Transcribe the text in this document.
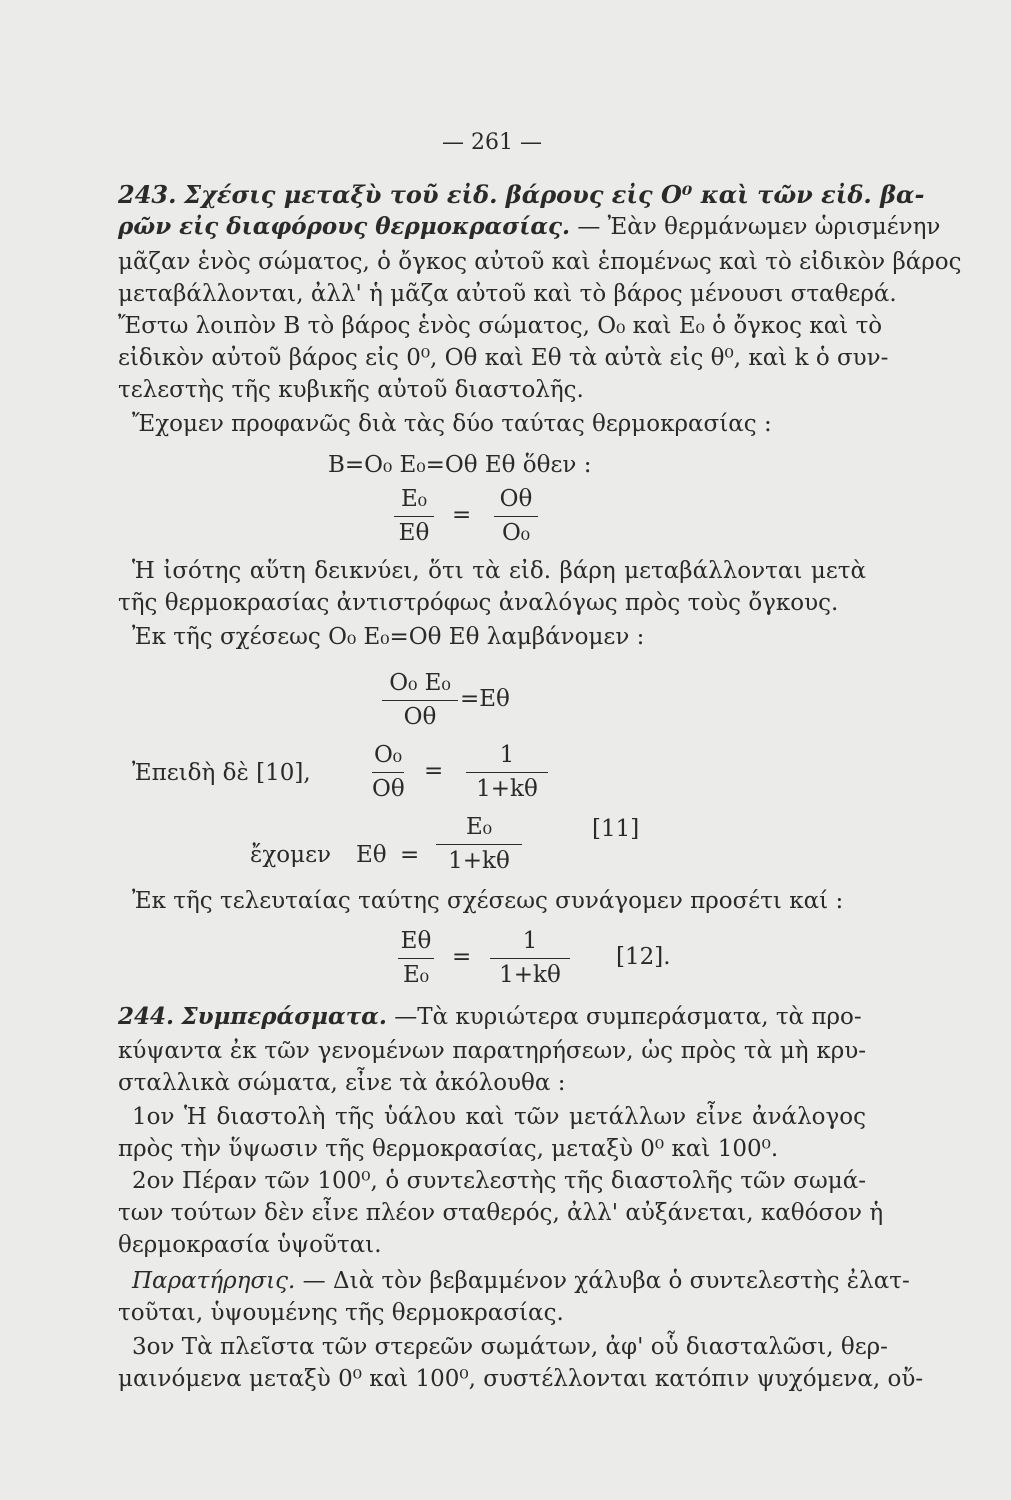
— 261 —
243. Σχέσις μεταξὺ τοῦ εἰδ. βάρους εἰς O⁰ καὶ τῶν εἰδ. βα-
ρῶν εἰς διαφόρους θερμοκρασίας. — Ἐὰν θερμάνωμεν ὡρισμένην
μᾶζαν ἑνὸς σώματος, ὁ ὄγκος αὐτοῦ καὶ ἑπομένως καὶ τὸ εἰδικὸν βάρος
μεταβάλλονται, ἀλλ' ἡ μᾶζα αὐτοῦ καὶ τὸ βάρος μένουσι σταθερά.
Ἔστω λοιπὸν B τὸ βάρος ἑνὸς σώματος, O₀ καὶ E₀ ὁ ὄγκος καὶ τὸ
εἰδικὸν αὐτοῦ βάρος εἰς 0⁰, Oθ καὶ Eθ τὰ αὐτὰ εἰς θ⁰, καὶ k ὁ συν-
τελεστὴς τῆς κυβικῆς αὐτοῦ διαστολῆς.
Ἔχομεν προφανῶς διὰ τὰς δύο ταύτας θερμοκρασίας :
B=O₀ E₀=Oθ Eθ ὅθεν :
E₀
Eθ
=
Oθ
O₀
Ἡ ἰσότης αὕτη δεικνύει, ὅτι τὰ εἰδ. βάρη μεταβάλλονται μετὰ
τῆς θερμοκρασίας ἀντιστρόφως ἀναλόγως πρὸς τοὺς ὄγκους.
Ἐκ τῆς σχέσεως O₀ E₀=Oθ Eθ λαμβάνομεν :
O₀ E₀
Oθ
=Eθ
Ἐπειδὴ δὲ [10],
O₀
Oθ
=
1
1+kθ
ἔχομεν Eθ =
E₀
1+kθ
[11]
Ἐκ τῆς τελευταίας ταύτης σχέσεως συνάγομεν προσέτι καί :
Eθ
E₀
=
1
1+kθ
[12].
244. Συμπεράσματα. —Τὰ κυριώτερα συμπεράσματα, τὰ προ-
κύψαντα ἐκ τῶν γενομένων παρατηρήσεων, ὡς πρὸς τὰ μὴ κρυ-
σταλλικὰ σώματα, εἶνε τὰ ἀκόλουθα :
1ον Ἡ διαστολὴ τῆς ὑάλου καὶ τῶν μετάλλων εἶνε ἀνάλογος
πρὸς τὴν ὕψωσιν τῆς θερμοκρασίας, μεταξὺ 0⁰ καὶ 100⁰.
2ον Πέραν τῶν 100⁰, ὁ συντελεστὴς τῆς διαστολῆς τῶν σωμά-
των τούτων δὲν εἶνε πλέον σταθερός, ἀλλ' αὐξάνεται, καθόσον ἡ
θερμοκρασία ὑψοῦται.
Παρατήρησις. — Διὰ τὸν βεβαμμένον χάλυβα ὁ συντελεστὴς ἐλατ-
τοῦται, ὑψουμένης τῆς θερμοκρασίας.
3ον Τὰ πλεῖστα τῶν στερεῶν σωμάτων, ἀφ' οὗ διασταλῶσι, θερ-
μαινόμενα μεταξὺ 0⁰ καὶ 100⁰, συστέλλονται κατόπιν ψυχόμενα, οὔ-
